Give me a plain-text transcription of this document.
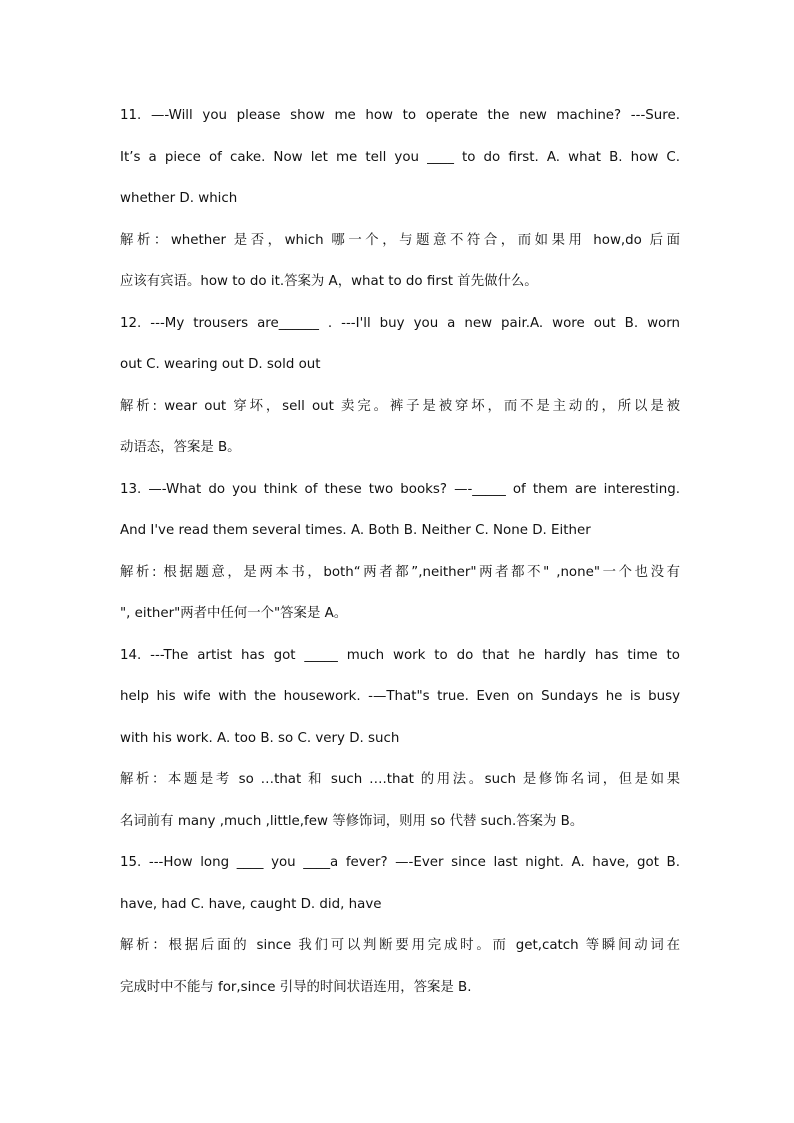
11. —-Will you please show me how to operate the new machine? ---Sure.
It’s a piece of cake. Now let me tell you ____ to do first. A. what B. how C.
whether D. which
解析：whether 是否，which 哪一个，与题意不符合，而如果用 how,do 后面
应该有宾语。how to do it.答案为 A，what to do first 首先做什么。
12. ---My trousers are______ . ---I'll buy you a new pair.A. wore out B. worn
out C. wearing out D. sold out
解析: wear out 穿坏，sell out 卖完。裤子是被穿坏，而不是主动的，所以是被
动语态，答案是 B。
13. —-What do you think of these two books? —-_____ of them are interesting.
And I've read them several times. A. Both B. Neither C. None D. Either
解析: 根据题意，是两本书，both“两者都”,neither"两者都不" ,none"一个也没有
", either"两者中任何一个"答案是 A。
14. ---The artist has got _____ much work to do that he hardly has time to
help his wife with the housework. -—That"s true. Even on Sundays he is busy
with his work. A. too B. so C. very D. such
解析：本题是考 so …that 和 such ….that 的用法。such 是修饰名词，但是如果
名词前有 many ,much ,little,few 等修饰词，则用 so 代替 such.答案为 B。
15. ---How long ____ you ____a fever? —-Ever since last night. A. have, got B.
have, had C. have, caught D. did, have
解析：根据后面的 since 我们可以判断要用完成时。而 get,catch 等瞬间动词在
完成时中不能与 for,since 引导的时间状语连用，答案是 B.
